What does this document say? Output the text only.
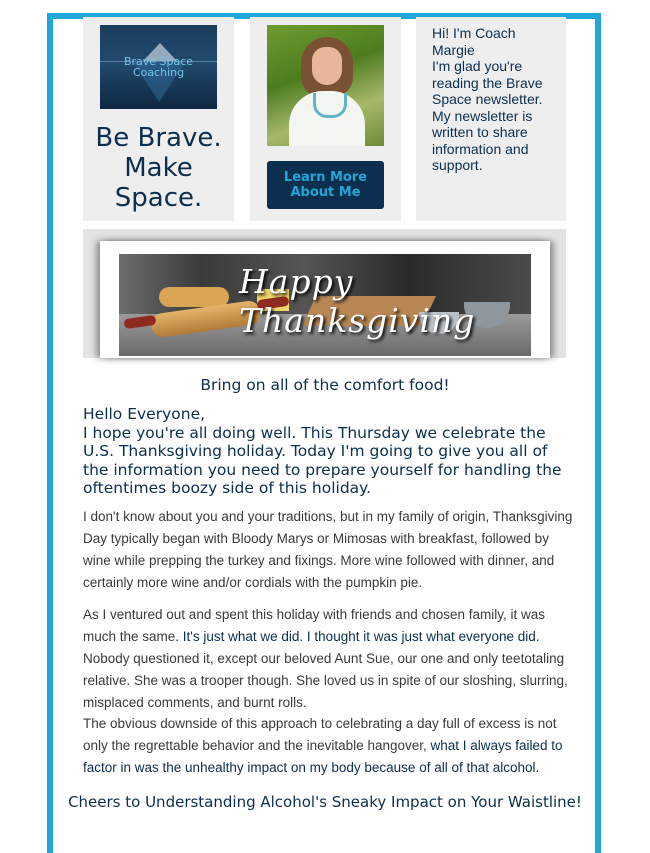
Brave Space Coaching
Be Brave. Make Space.
Learn More About Me
Hi! I'm Coach Margie
I'm glad you're reading the Brave Space newsletter. My newsletter is written to share information and support.
Happy Thanksgiving
Bring on all of the comfort food!
Hello Everyone,
I hope you're all doing well. This Thursday we celebrate the U.S. Thanksgiving holiday. Today I'm going to give you all of the information you need to prepare yourself for handling the oftentimes boozy side of this holiday.
I don't know about you and your traditions, but in my family of origin, Thanksgiving Day typically began with Bloody Marys or Mimosas with breakfast, followed by wine while prepping the turkey and fixings. More wine followed with dinner, and certainly more wine and/or cordials with the pumpkin pie.
As I ventured out and spent this holiday with friends and chosen family, it was much the same. It's just what we did. I thought it was just what everyone did. Nobody questioned it, except our beloved Aunt Sue, our one and only teetotaling relative. She was a trooper though. She loved us in spite of our sloshing, slurring, misplaced comments, and burnt rolls.
The obvious downside of this approach to celebrating a day full of excess is not only the regrettable behavior and the inevitable hangover, what I always failed to factor in was the unhealthy impact on my body because of all of that alcohol.
Cheers to Understanding Alcohol's Sneaky Impact on Your Waistline!
